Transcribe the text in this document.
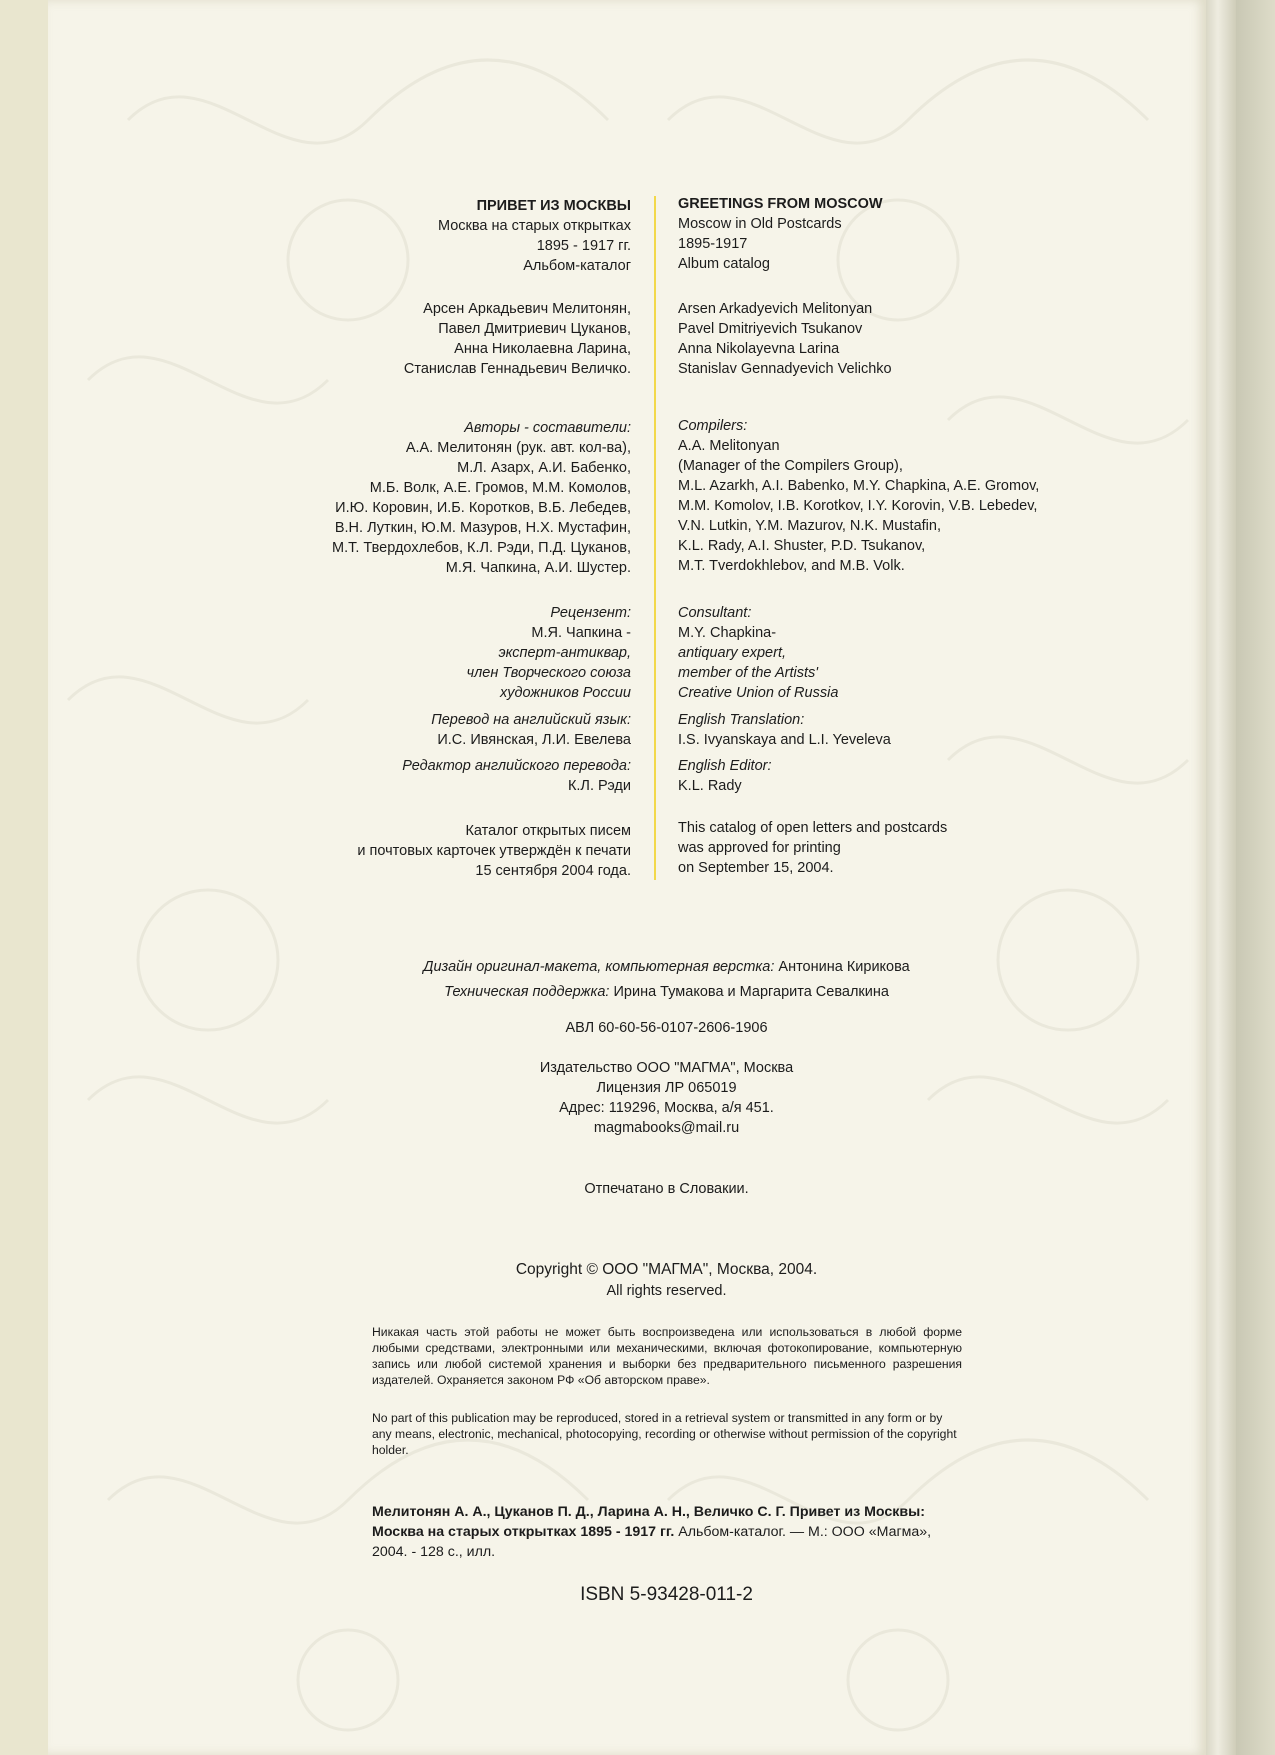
ПРИВЕТ ИЗ МОСКВЫ
Москва на старых открытках
1895 - 1917 гг.
Альбом-каталог
Арсен Аркадьевич Мелитонян,
Павел Дмитриевич Цуканов,
Анна Николаевна Ларина,
Станислав Геннадьевич Величко.
Авторы - составители:
А.А. Мелитонян (рук. авт. кол-ва),
М.Л. Азарх, А.И. Бабенко,
М.Б. Волк, А.Е. Громов, М.М. Комолов,
И.Ю. Коровин, И.Б. Коротков, В.Б. Лебедев,
В.Н. Луткин, Ю.М. Мазуров, Н.Х. Мустафин,
М.Т. Твердохлебов, К.Л. Рэди, П.Д. Цуканов,
М.Я. Чапкина, А.И. Шустер.
Рецензент:
М.Я. Чапкина -
эксперт-антиквар,
член Творческого союза
художников России
Перевод на английский язык:
И.С. Ивянская, Л.И. Евелева
Редактор английского перевода:
К.Л. Рэди
Каталог открытых писем
и почтовых карточек утверждён к печати
15 сентября 2004 года.
GREETINGS FROM MOSCOW
Moscow in Old Postcards
1895-1917
Album catalog
Arsen Arkadyevich Melitonyan
Pavel Dmitriyevich Tsukanov
Anna Nikolayevna Larina
Stanislav Gennadyevich Velichko
Compilers:
A.A. Melitonyan
(Manager of the Compilers Group),
M.L. Azarkh, A.I. Babenko, M.Y. Chapkina, A.E. Gromov,
M.M. Komolov, I.B. Korotkov, I.Y. Korovin, V.B. Lebedev,
V.N. Lutkin, Y.M. Mazurov, N.K. Mustafin,
K.L. Rady, A.I. Shuster, P.D. Tsukanov,
M.T. Tverdokhlebov, and M.B. Volk.
Consultant:
M.Y. Chapkina-
antiquary expert,
member of the Artists'
Creative Union of Russia
English Translation:
I.S. Ivyanskaya and L.I. Yeveleva
English Editor:
K.L. Rady
This catalog of open letters and postcards
was approved for printing
on September 15, 2004.
Дизайн оригинал-макета, компьютерная верстка: Антонина Кирикова
Техническая поддержка: Ирина Тумакова и Маргарита Севалкина
АВЛ 60-60-56-0107-2606-1906
Издательство ООО "МАГМА", Москва
Лицензия ЛР 065019
Адрес: 119296, Москва, а/я 451.
magmabooks@mail.ru
Отпечатано в Словакии.
Copyright © ООО "МАГМА", Москва, 2004.
All rights reserved.
Никакая часть этой работы не может быть воспроизведена или использоваться в любой форме любыми средствами, электронными или механическими, включая фотокопирование, компьютерную запись или любой системой хранения и выборки без предварительного письменного разрешения издателей. Охраняется законом РФ «Об авторском праве».
No part of this publication may be reproduced, stored in a retrieval system or transmitted in any form or by any means, electronic, mechanical, photocopying, recording or otherwise without permission of the copyright holder.
Мелитонян А. А., Цуканов П. Д., Ларина А. Н., Величко С. Г. Привет из Москвы: Москва на старых открытках 1895 - 1917 гг. Альбом-каталог. — М.: ООО «Магма», 2004. - 128 с., илл.
ISBN 5-93428-011-2
